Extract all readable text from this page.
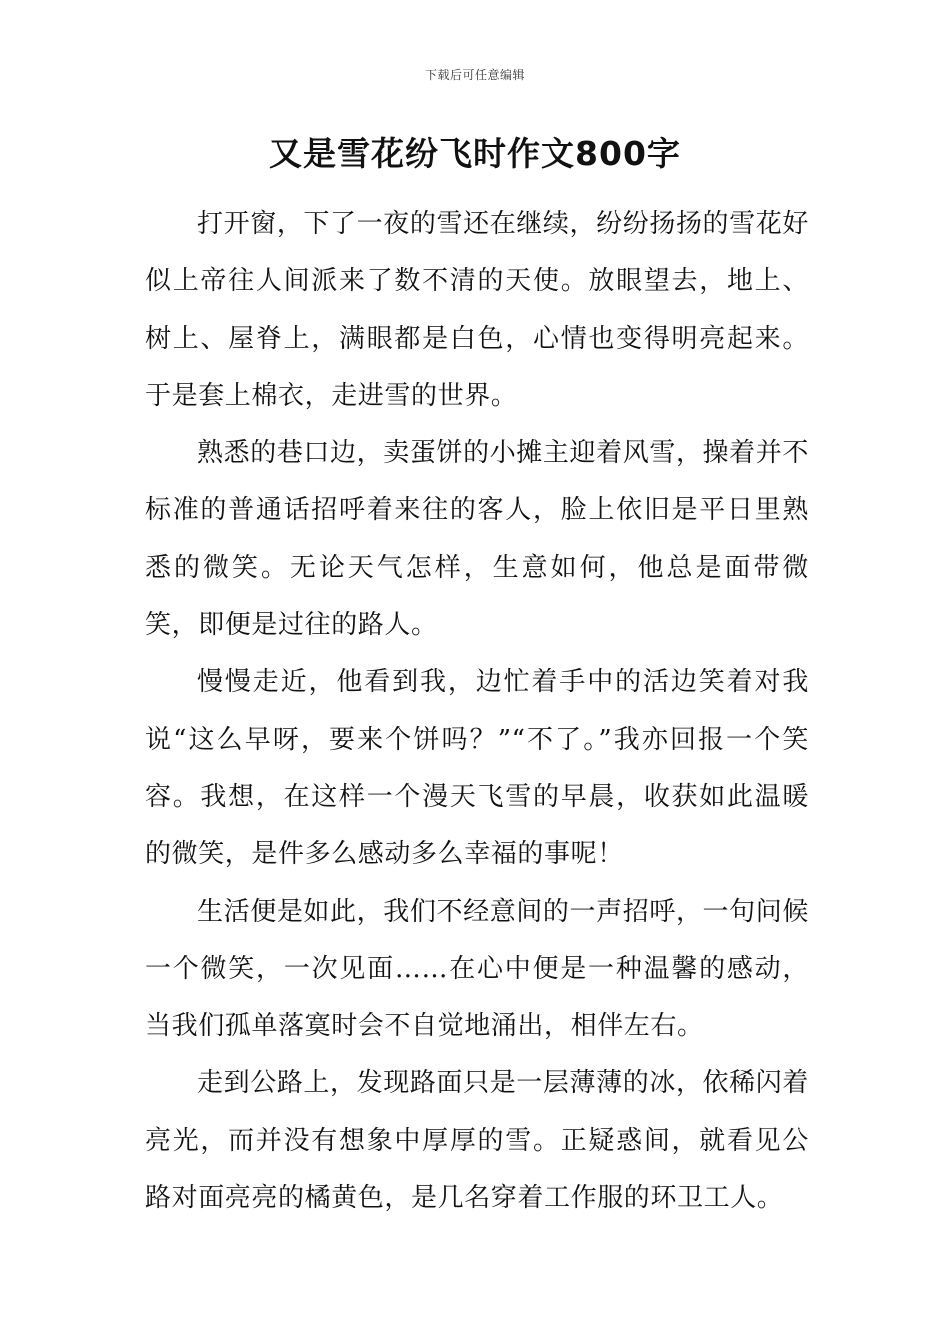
下载后可任意编辑
又是雪花纷飞时作文800字

打开窗，下了一夜的雪还在继续，纷纷扬扬的雪花好似上帝往人间派来了数不清的天使。放眼望去，地上、树上、屋脊上，满眼都是白色，心情也变得明亮起来。于是套上棉衣，走进雪的世界。

熟悉的巷口边，卖蛋饼的小摊主迎着风雪，操着并不标准的普通话招呼着来往的客人，脸上依旧是平日里熟悉的微笑。无论天气怎样，生意如何，他总是面带微笑，即便是过往的路人。

慢慢走近，他看到我，边忙着手中的活边笑着对我说“这么早呀，要来个饼吗？”“不了。”我亦回报一个笑容。我想，在这样一个漫天飞雪的早晨，收获如此温暖的微笑，是件多么感动多么幸福的事呢！

生活便是如此，我们不经意间的一声招呼，一句问候一个微笑，一次见面……在心中便是一种温馨的感动，当我们孤单落寞时会不自觉地涌出，相伴左右。

走到公路上，发现路面只是一层薄薄的冰，依稀闪着亮光，而并没有想象中厚厚的雪。正疑惑间，就看见公路对面亮亮的橘黄色，是几名穿着工作服的环卫工人。
